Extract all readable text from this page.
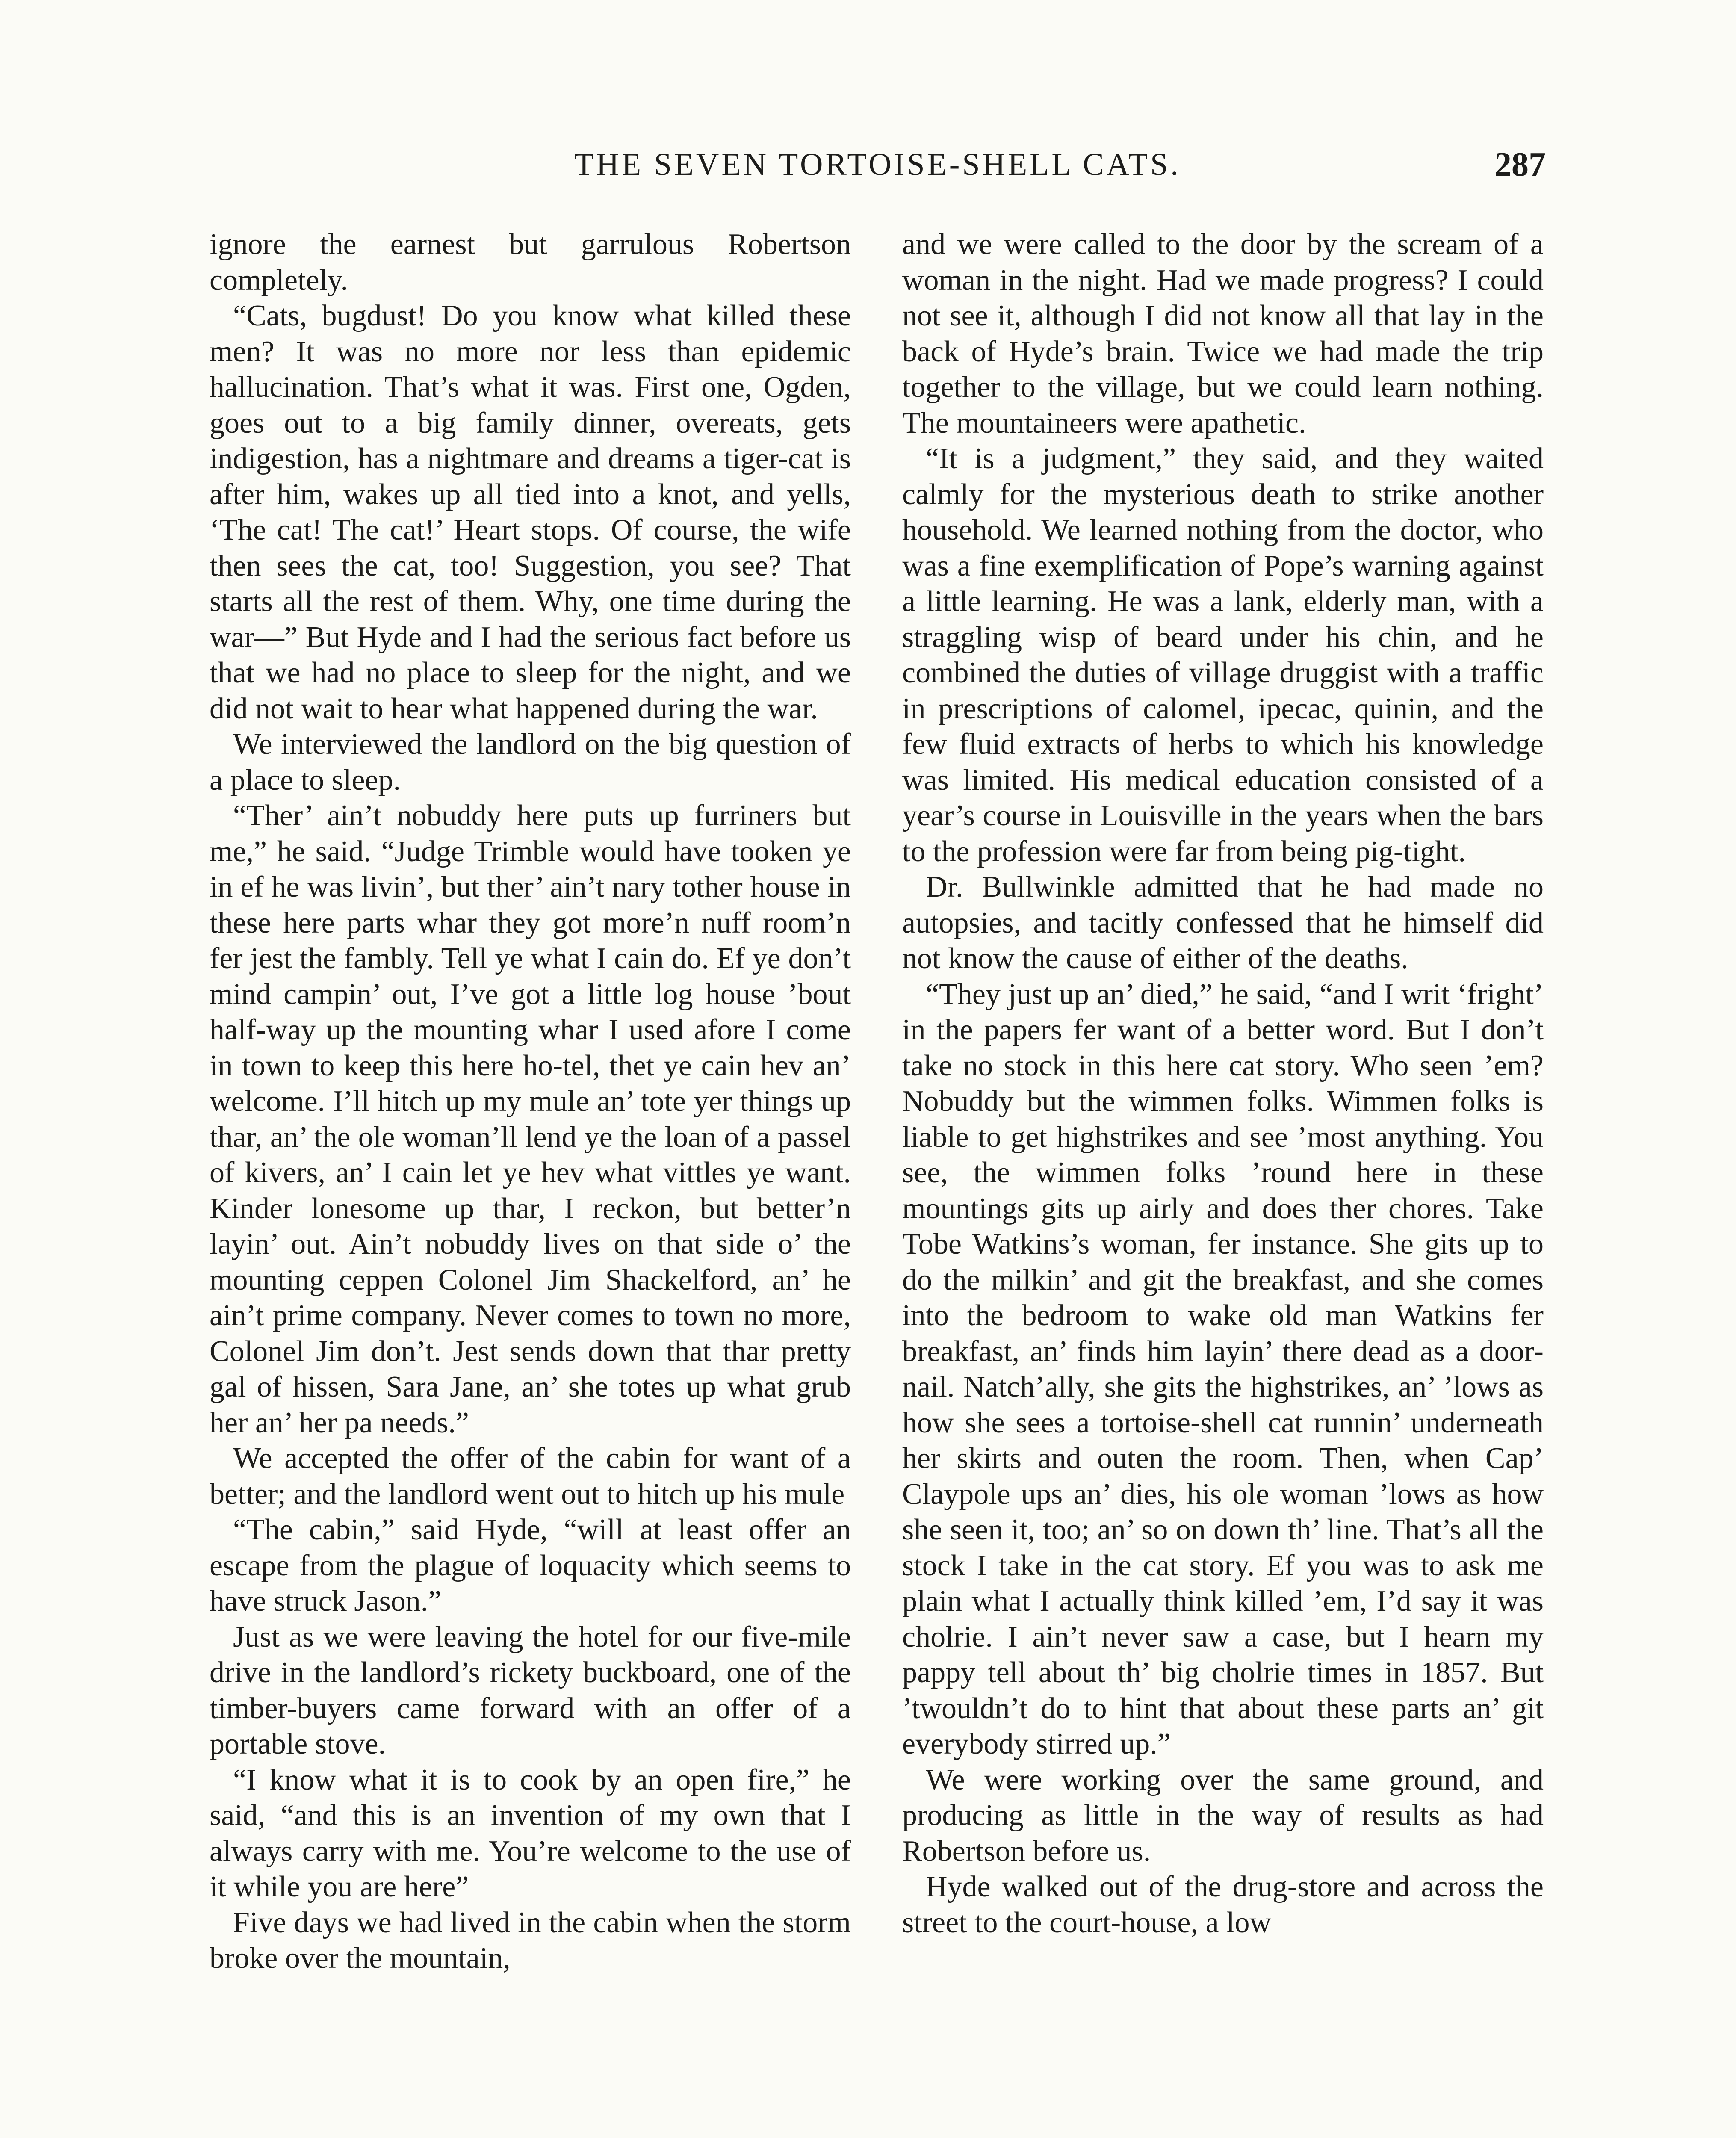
THE SEVEN TORTOISE-SHELL CATS.	287

ignore the earnest but garrulous Robertson completely.

“Cats, bugdust! Do you know what killed these men? It was no more nor less than epidemic hallucination. That’s what it was. First one, Ogden, goes out to a big family dinner, overeats, gets indigestion, has a nightmare and dreams a tiger-cat is after him, wakes up all tied into a knot, and yells, ‘The cat! The cat!’ Heart stops. Of course, the wife then sees the cat, too! Suggestion, you see? That starts all the rest of them. Why, one time during the war—” But Hyde and I had the serious fact before us that we had no place to sleep for the night, and we did not wait to hear what happened during the war.

We interviewed the landlord on the big question of a place to sleep.

“Ther’ ain’t nobuddy here puts up furriners but me,” he said. “Judge Trimble would have tooken ye in ef he was livin’, but ther’ ain’t nary tother house in these here parts whar they got more’n nuff room’n fer jest the fambly. Tell ye what I cain do. Ef ye don’t mind campin’ out, I’ve got a little log house ’bout half-way up the mounting whar I used afore I come in town to keep this here ho-tel, thet ye cain hev an’ welcome. I’ll hitch up my mule an’ tote yer things up thar, an’ the ole woman’ll lend ye the loan of a passel of kivers, an’ I cain let ye hev what vittles ye want. Kinder lonesome up thar, I reckon, but better’n layin’ out. Ain’t nobuddy lives on that side o’ the mounting ceppen Colonel Jim Shackelford, an’ he ain’t prime company. Never comes to town no more, Colonel Jim don’t. Jest sends down that thar pretty gal of hissen, Sara Jane, an’ she totes up what grub her an’ her pa needs.”

We accepted the offer of the cabin for want of a better; and the landlord went out to hitch up his mule

“The cabin,” said Hyde, “will at least offer an escape from the plague of loquacity which seems to have struck Jason.”

Just as we were leaving the hotel for our five-mile drive in the landlord’s rickety buckboard, one of the timber-buyers came forward with an offer of a portable stove.

“I know what it is to cook by an open fire,” he said, “and this is an invention of my own that I always carry with me. You’re welcome to the use of it while you are here”

Five days we had lived in the cabin when the storm broke over the mountain,

and we were called to the door by the scream of a woman in the night. Had we made progress? I could not see it, although I did not know all that lay in the back of Hyde’s brain. Twice we had made the trip together to the village, but we could learn nothing. The mountaineers were apathetic.

“It is a judgment,” they said, and they waited calmly for the mysterious death to strike another household. We learned nothing from the doctor, who was a fine exemplification of Pope’s warning against a little learning. He was a lank, elderly man, with a straggling wisp of beard under his chin, and he combined the duties of village druggist with a traffic in prescriptions of calomel, ipecac, quinin, and the few fluid extracts of herbs to which his knowledge was limited. His medical education consisted of a year’s course in Louisville in the years when the bars to the profession were far from being pig-tight.

Dr. Bullwinkle admitted that he had made no autopsies, and tacitly confessed that he himself did not know the cause of either of the deaths.

“They just up an’ died,” he said, “and I writ ‘fright’ in the papers fer want of a better word. But I don’t take no stock in this here cat story. Who seen ’em? Nobuddy but the wimmen folks. Wimmen folks is liable to get highstrikes and see ’most anything. You see, the wimmen folks ’round here in these mountings gits up airly and does ther chores. Take Tobe Watkins’s woman, fer instance. She gits up to do the milkin’ and git the breakfast, and she comes into the bedroom to wake old man Watkins fer breakfast, an’ finds him layin’ there dead as a door-nail. Natch’ally, she gits the highstrikes, an’ ’lows as how she sees a tortoise-shell cat runnin’ underneath her skirts and outen the room. Then, when Cap’ Claypole ups an’ dies, his ole woman ’lows as how she seen it, too; an’ so on down th’ line. That’s all the stock I take in the cat story. Ef you was to ask me plain what I actually think killed ’em, I’d say it was cholrie. I ain’t never saw a case, but I hearn my pappy tell about th’ big cholrie times in 1857. But ’twouldn’t do to hint that about these parts an’ git everybody stirred up.”

We were working over the same ground, and producing as little in the way of results as had Robertson before us.

Hyde walked out of the drug-store and across the street to the court-house, a low
